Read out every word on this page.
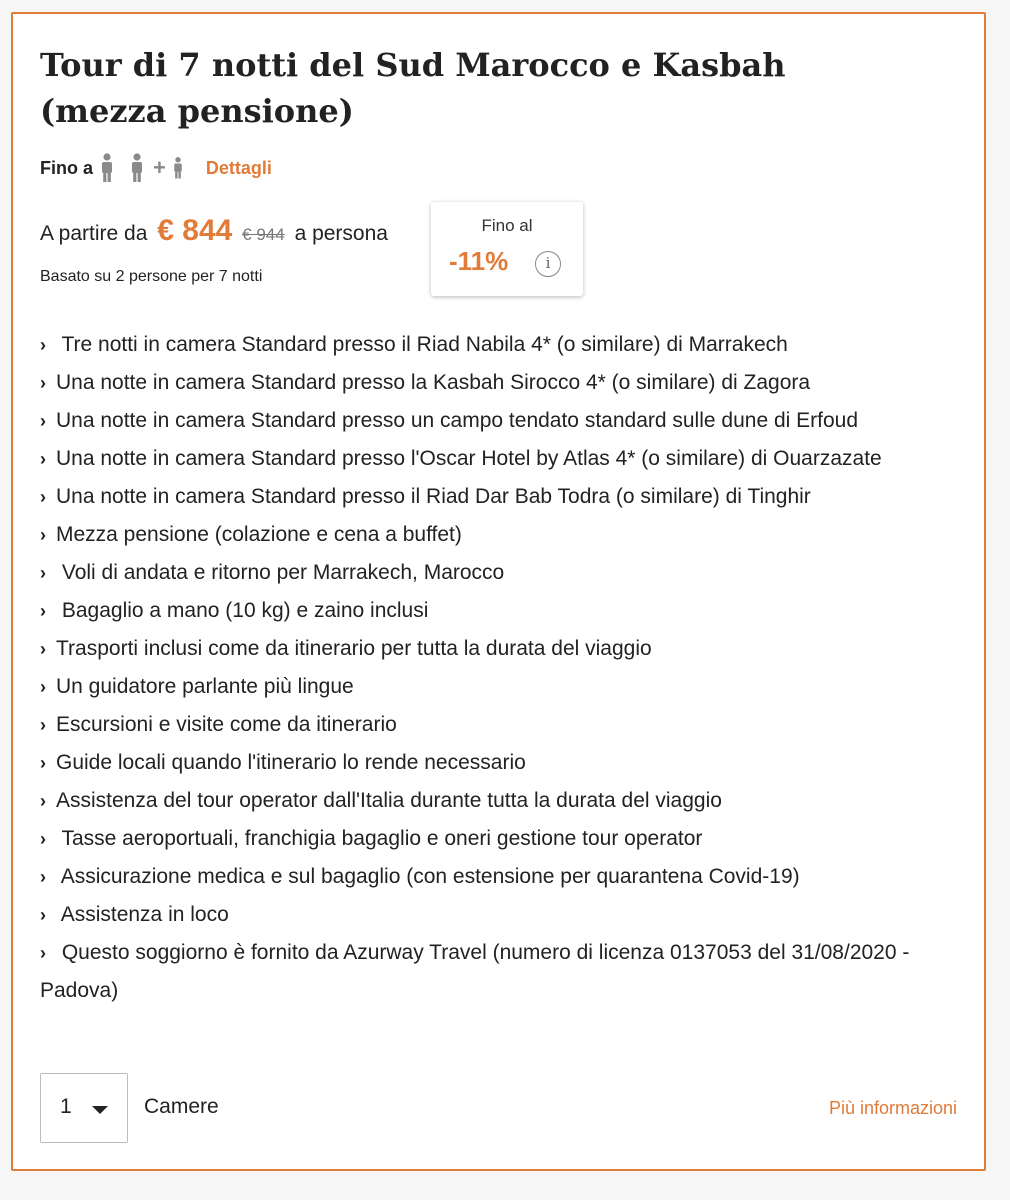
Tour di 7 notti del Sud Marocco e Kasbah (mezza pensione)
Fino a	+ Dettagli
A partire da € 844 € 944 a persona
Basato su 2 persone per 7 notti
Fino al
-11%	i
› Tre notti in camera Standard presso il Riad Nabila 4* (o similare) di Marrakech
› Una notte in camera Standard presso la Kasbah Sirocco 4* (o similare) di Zagora
› Una notte in camera Standard presso un campo tendato standard sulle dune di Erfoud
› Una notte in camera Standard presso l'Oscar Hotel by Atlas 4* (o similare) di Ouarzazate
› Una notte in camera Standard presso il Riad Dar Bab Todra (o similare) di Tinghir
› Mezza pensione (colazione e cena a buffet)
› Voli di andata e ritorno per Marrakech, Marocco
› Bagaglio a mano (10 kg) e zaino inclusi
› Trasporti inclusi come da itinerario per tutta la durata del viaggio
› Un guidatore parlante più lingue
› Escursioni e visite come da itinerario
› Guide locali quando l'itinerario lo rende necessario
› Assistenza del tour operator dall'Italia durante tutta la durata del viaggio
› Tasse aeroportuali, franchigia bagaglio e oneri gestione tour operator
› Assicurazione medica e sul bagaglio (con estensione per quarantena Covid-19)
› Assistenza in loco
› Questo soggiorno è fornito da Azurway Travel (numero di licenza 0137053 del 31/08/2020 - Padova)
1	Camere	Più informazioni
